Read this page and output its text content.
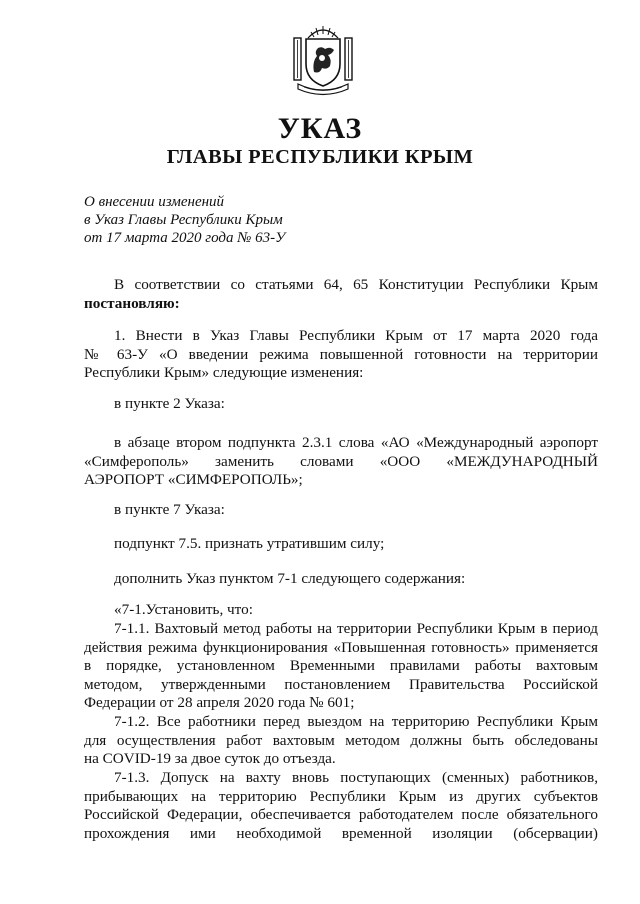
УКАЗ
ГЛАВЫ РЕСПУБЛИКИ КРЫМ
О внесении изменений
в Указ Главы Республики Крым
от 17 марта 2020 года № 63-У
В соответствии со статьями 64, 65 Конституции Республики Крым
постановляю:
1. Внести в Указ Главы Республики Крым от 17 марта 2020 года
№ 63-У «О введении режима повышенной готовности на территории
Республики Крым» следующие изменения:
в пункте 2 Указа:
в абзаце втором подпункта 2.3.1 слова «АО «Международный аэропорт
«Симферополь» заменить словами «ООО «МЕЖДУНАРОДНЫЙ
АЭРОПОРТ «СИМФЕРОПОЛЬ»;
в пункте 7 Указа:
подпункт 7.5. признать утратившим силу;
дополнить Указ пунктом 7-1 следующего содержания:
«7-1.Установить, что:
7-1.1. Вахтовый метод работы на территории Республики Крым в период
действия режима функционирования «Повышенная готовность» применяется
в порядке, установленном Временными правилами работы вахтовым
методом, утвержденными постановлением Правительства Российской
Федерации от 28 апреля 2020 года № 601;
7-1.2. Все работники перед выездом на территорию Республики Крым
для осуществления работ вахтовым методом должны быть обследованы
на COVID-19 за двое суток до отъезда.
7-1.3. Допуск на вахту вновь поступающих (сменных) работников,
прибывающих на территорию Республики Крым из других субъектов
Российской Федерации, обеспечивается работодателем после обязательного
прохождения ими необходимой временной изоляции (обсервации)
